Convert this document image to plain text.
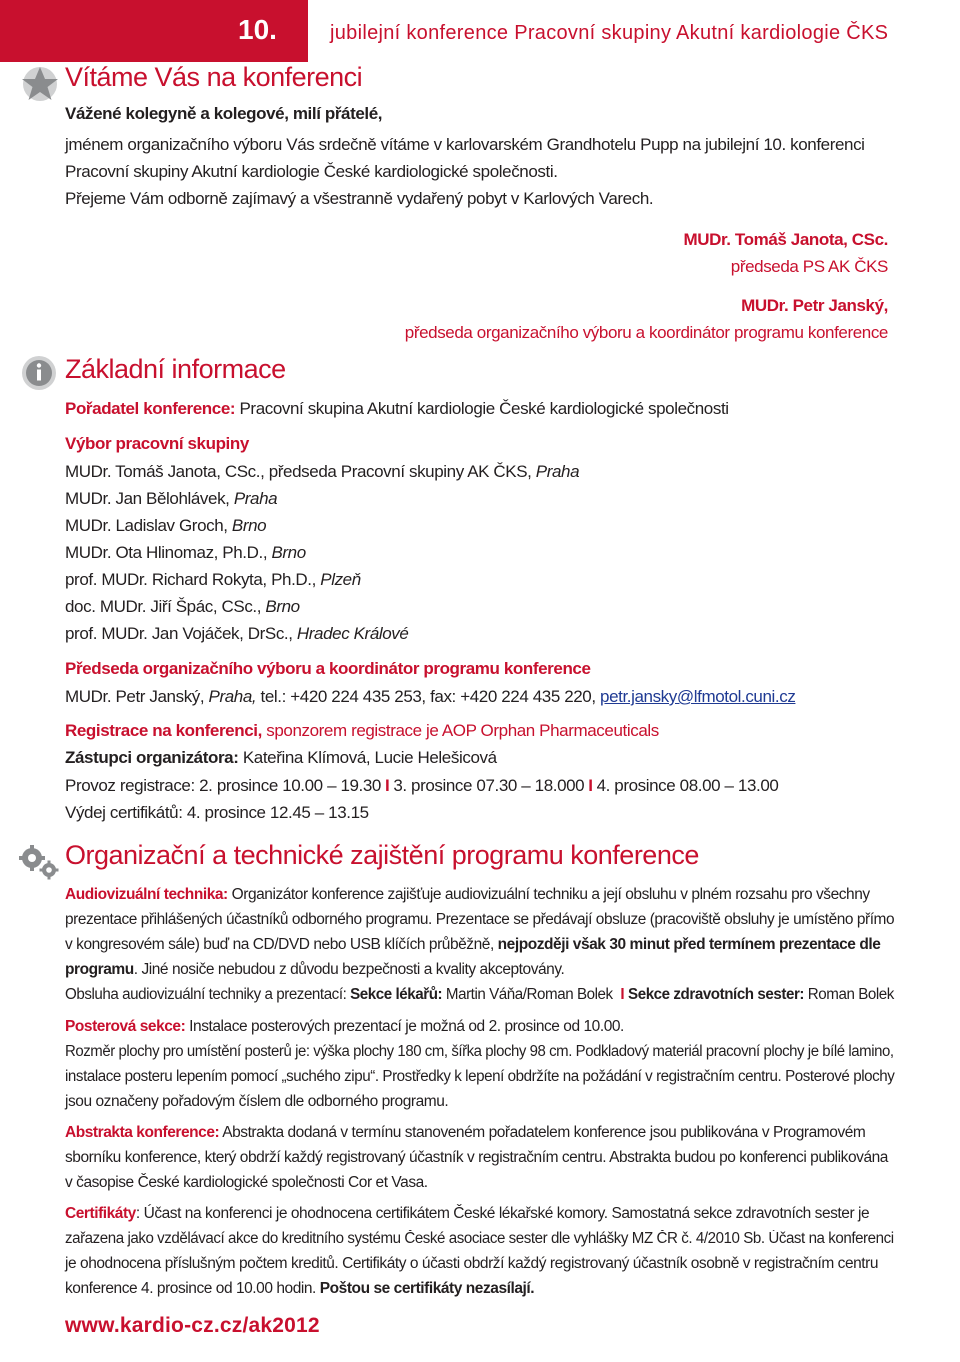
10.	jubilejní konference Pracovní skupiny Akutní kardiologie ČKS
Vítáme Vás na konferenci
Vážené kolegyně a kolegové, milí přátelé,
jménem organizačního výboru Vás srdečně vítáme v karlovarském Grandhotelu Pupp na jubilejní 10. konferenci
Pracovní skupiny Akutní kardiologie České kardiologické společnosti.
Přejeme Vám odborně zajímavý a všestranně vydařený pobyt v Karlových Varech.
MUDr. Tomáš Janota, CSc.
předseda PS AK ČKS
MUDr. Petr Janský,
předseda organizačního výboru a koordinátor programu konference
Základní informace
Pořadatel konference: Pracovní skupina Akutní kardiologie České kardiologické společnosti
Výbor pracovní skupiny
MUDr. Tomáš Janota, CSc., předseda Pracovní skupiny AK ČKS, Praha
MUDr. Jan Bělohlávek, Praha
MUDr. Ladislav Groch, Brno
MUDr. Ota Hlinomaz, Ph.D., Brno
prof. MUDr. Richard Rokyta, Ph.D., Plzeň
doc. MUDr. Jiří Špác, CSc., Brno
prof. MUDr. Jan Vojáček, DrSc., Hradec Králové
Předseda organizačního výboru a koordinátor programu konference
MUDr. Petr Janský, Praha, tel.: +420 224 435 253, fax: +420 224 435 220, petr.jansky@lfmotol.cuni.cz
Registrace na konferenci, sponzorem registrace je AOP Orphan Pharmaceuticals
Zástupci organizátora: Kateřina Klímová, Lucie Helešicová
Provoz registrace: 2. prosince 10.00 – 19.30 I 3. prosince 07.30 – 18.000 I 4. prosince 08.00 – 13.00
Výdej certifikátů: 4. prosince 12.45 – 13.15
Organizační a technické zajištění programu konference
Audiovizuální technika: Organizátor konference zajišťuje audiovizuální techniku a její obsluhu v plném rozsahu pro všechny
prezentace přihlášených účastníků odborného programu. Prezentace se předávají obsluze (pracoviště obsluhy je umístěno přímo
v kongresovém sále) buď na CD/DVD nebo USB klíčích průběžně, nejpozději však 30 minut před termínem prezentace dle
programu. Jiné nosiče nebudou z důvodu bezpečnosti a kvality akceptovány.
Obsluha audiovizuální techniky a prezentací: Sekce lékařů: Martin Váňa/Roman Bolek I Sekce zdravotních sester: Roman Bolek
Posterová sekce: Instalace posterových prezentací je možná od 2. prosince od 10.00.
Rozměr plochy pro umístění posterů je: výška plochy 180 cm, šířka plochy 98 cm. Podkladový materiál pracovní plochy je bílé lamino,
instalace posteru lepením pomocí „suchého zipu“. Prostředky k lepení obdržíte na požádání v registračním centru. Posterové plochy
jsou označeny pořadovým číslem dle odborného programu.
Abstrakta konference: Abstrakta dodaná v termínu stanoveném pořadatelem konference jsou publikována v Programovém
sborníku konference, který obdrží každý registrovaný účastník v registračním centru. Abstrakta budou po konferenci publikována
v časopise České kardiologické společnosti Cor et Vasa.
Certifikáty: Účast na konferenci je ohodnocena certifikátem České lékařské komory. Samostatná sekce zdravotních sester je
zařazena jako vzdělávací akce do kreditního systému České asociace sester dle vyhlášky MZ ČR č. 4/2010 Sb. Účast na konferenci
je ohodnocena příslušným počtem kreditů. Certifikáty o účasti obdrží každý registrovaný účastník osobně v registračním centru
konference 4. prosince od 10.00 hodin. Poštou se certifikáty nezasílají.
www.kardio-cz.cz/ak2012
